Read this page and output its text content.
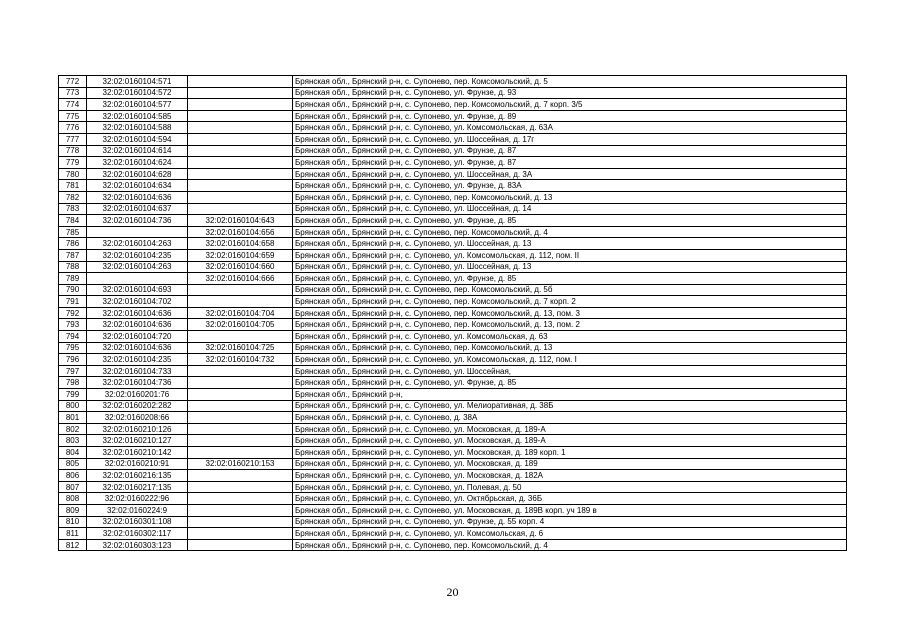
772	32:02:0160104:571		Брянская обл., Брянский р-н, с. Супонево, пер. Комсомольский, д. 5
773	32:02:0160104:572		Брянская обл., Брянский р-н, с. Супонево, ул. Фрунзе, д. 93
774	32:02:0160104:577		Брянская обл., Брянский р-н, с. Супонево, пер. Комсомольский, д. 7 корп. 3/5
775	32:02:0160104:585		Брянская обл., Брянский р-н, с. Супонево, ул. Фрунзе, д. 89
776	32:02:0160104:588		Брянская обл., Брянский р-н, с. Супонево, ул. Комсомольская, д. 63А
777	32:02:0160104:594		Брянская обл., Брянский р-н, с. Супонево, ул. Шоссейная, д. 17г
778	32:02:0160104:614		Брянская обл., Брянский р-н, с. Супонево, ул. Фрунзе, д. 87
779	32:02:0160104:624		Брянская обл., Брянский р-н, с. Супонево, ул. Фрунзе, д. 87
780	32:02:0160104:628		Брянская обл., Брянский р-н, с. Супонево, ул. Шоссейная, д. 3А
781	32:02:0160104:634		Брянская обл., Брянский р-н, с. Супонево, ул. Фрунзе, д. 83А
782	32:02:0160104:636		Брянская обл., Брянский р-н, с. Супонево, пер. Комсомольский, д. 13
783	32:02:0160104:637		Брянская обл., Брянский р-н, с. Супонево, ул. Шоссейная, д. 14
784	32:02:0160104:736	32:02:0160104:643	Брянская обл., Брянский р-н, с. Супонево, ул. Фрунзе, д. 85
785		32:02:0160104:656	Брянская обл., Брянский р-н, с. Супонево, пер. Комсомольский, д. 4
786	32:02:0160104:263	32:02:0160104:658	Брянская обл., Брянский р-н, с. Супонево, ул. Шоссейная, д. 13
787	32:02:0160104:235	32:02:0160104:659	Брянская обл., Брянский р-н, с. Супонево, ул. Комсомольская, д. 112, пом. II
788	32:02:0160104:263	32:02:0160104:660	Брянская обл., Брянский р-н, с. Супонево, ул. Шоссейная, д. 13
789		32:02:0160104:666	Брянская обл., Брянский р-н, с. Супонево, ул. Фрунзе, д. 85
790	32:02:0160104:693		Брянская обл., Брянский р-н, с. Супонево, пер. Комсомольский, д. 5б
791	32:02:0160104:702		Брянская обл., Брянский р-н, с. Супонево, пер. Комсомольский, д. 7 корп. 2
792	32:02:0160104:636	32:02:0160104:704	Брянская обл., Брянский р-н, с. Супонево, пер. Комсомольский, д. 13, пом. 3
793	32:02:0160104:636	32:02:0160104:705	Брянская обл., Брянский р-н, с. Супонево, пер. Комсомольский, д. 13, пом. 2
794	32:02:0160104:720		Брянская обл., Брянский р-н, с. Супонево, ул. Комсомольская, д. 63
795	32:02:0160104:636	32:02:0160104:725	Брянская обл., Брянский р-н, с. Супонево, пер. Комсомольский, д. 13
796	32:02:0160104:235	32:02:0160104:732	Брянская обл., Брянский р-н, с. Супонево, ул. Комсомольская, д. 112, пом. I
797	32:02:0160104:733		Брянская обл., Брянский р-н, с. Супонево, ул. Шоссейная,
798	32:02:0160104:736		Брянская обл., Брянский р-н, с. Супонево, ул. Фрунзе, д. 85
799	32:02:0160201:76		Брянская обл., Брянский р-н,
800	32:02:0160202:282		Брянская обл., Брянский р-н, с. Супонево, ул. Мелиоративная, д. 38Б
801	32:02:0160208:66		Брянская обл., Брянский р-н, с. Супонево, д. 38А
802	32:02:0160210:126		Брянская обл., Брянский р-н, с. Супонево, ул. Московская, д. 189-А
803	32:02:0160210:127		Брянская обл., Брянский р-н, с. Супонево, ул. Московская, д. 189-А
804	32:02:0160210:142		Брянская обл., Брянский р-н, с. Супонево, ул. Московская, д. 189 корп. 1
805	32:02:0160210:91	32:02:0160210:153	Брянская обл., Брянский р-н, с. Супонево, ул. Московская, д. 189
806	32:02:0160216:135		Брянская обл., Брянский р-н, с. Супонево, ул. Московская, д. 182А
807	32:02:0160217:135		Брянская обл., Брянский р-н, с. Супонево, ул. Полевая, д. 50
808	32:02:0160222:96		Брянская обл., Брянский р-н, с. Супонево, ул. Октябрьская, д. 36Б
809	32:02:0160224:9		Брянская обл., Брянский р-н, с. Супонево, ул. Московская, д. 189В корп. уч 189 в
810	32:02:0160301:108		Брянская обл., Брянский р-н, с. Супонево, ул. Фрунзе, д. 55 корп. 4
811	32:02:0160302:117		Брянская обл., Брянский р-н, с. Супонево, ул. Комсомольская, д. 6
812	32:02:0160303:123		Брянская обл., Брянский р-н, с. Супонево, пер. Комсомольский, д. 4
20
